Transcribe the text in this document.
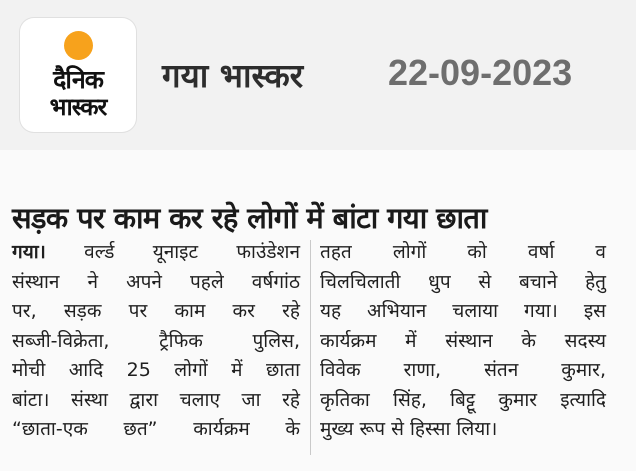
दैनिक
भास्कर
गया भास्कर 22-09-2023
सड़क पर काम कर रहे लोगों में बांटा गया छाता
गया। वर्ल्ड यूनाइट फाउंडेशन
संस्थान ने अपने पहले वर्षगांठ
पर, सड़क पर काम कर रहे
सब्जी-विक्रेता, ट्रैफिक पुलिस,
मोची आदि 25 लोगों में छाता
बांटा। संस्था द्वारा चलाए जा रहे
“छाता-एक छत” कार्यक्रम के
तहत लोगों को वर्षा व
चिलचिलाती धुप से बचाने हेतु
यह अभियान चलाया गया। इस
कार्यक्रम में संस्थान के सदस्य
विवेक राणा, संतन कुमार,
कृतिका सिंह, बिट्टू कुमार इत्यादि
मुख्य रूप से हिस्सा लिया।
